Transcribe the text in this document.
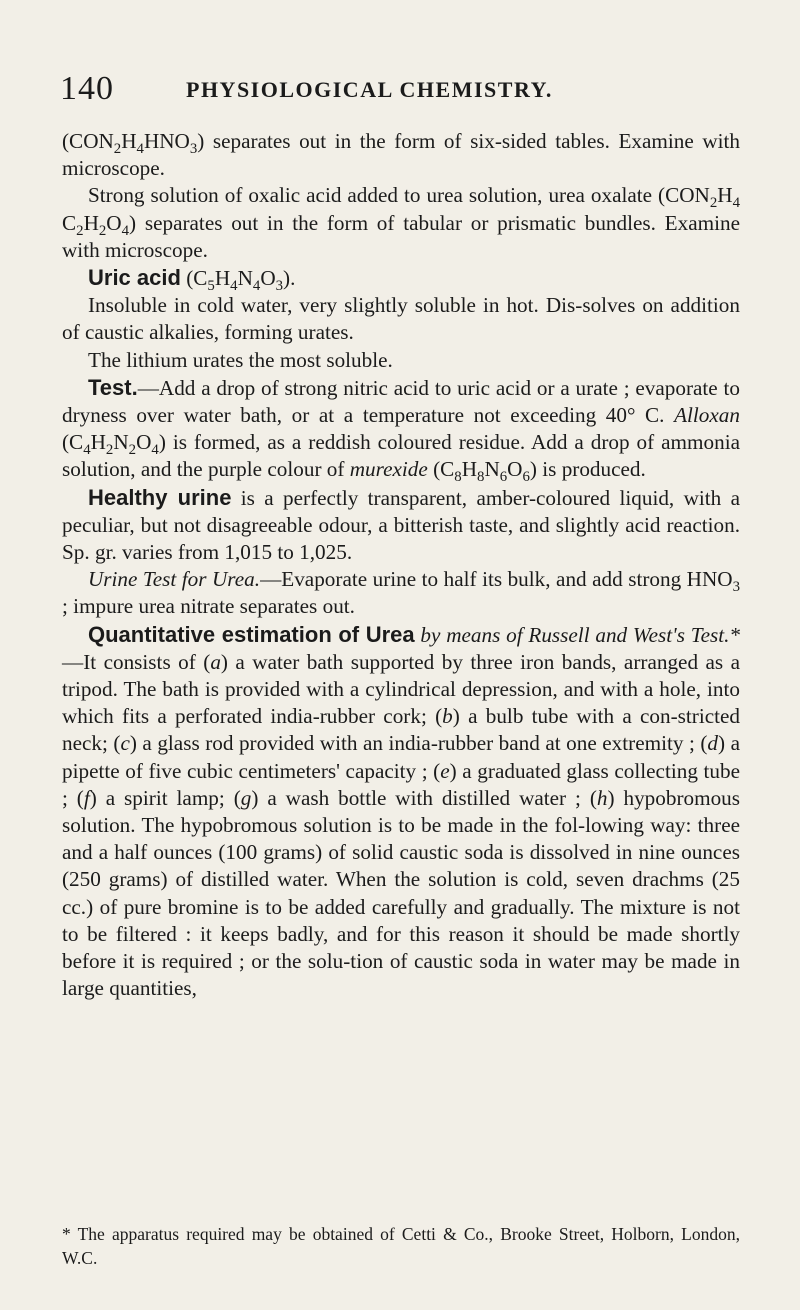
140	PHYSIOLOGICAL CHEMISTRY.

$(CON_2H_4HNO_3)$ separates out in the form of six-sided tables. Examine with microscope.

Strong solution of oxalic acid added to urea solution, urea oxalate ($CON_2H_4$ $C_2H_2O_4$) separates out in the form of tabular or prismatic bundles. Examine with microscope.

Uric acid $(C_5H_4N_4O_3)$.

Insoluble in cold water, very slightly soluble in hot. Dis-solves on addition of caustic alkalies, forming urates.

The lithium urates the most soluble.

Test.—Add a drop of strong nitric acid to uric acid or a urate ; evaporate to dryness over water bath, or at a temperature not exceeding 40° C. Alloxan $(C_4H_2N_2O_4)$ is formed, as a reddish coloured residue. Add a drop of ammonia solution, and the purple colour of murexide $(C_8H_8N_6O_6)$ is produced.

Healthy urine is a perfectly transparent, amber-coloured liquid, with a peculiar, but not disagreeable odour, a bitterish taste, and slightly acid reaction. Sp. gr. varies from 1,015 to 1,025.

Urine Test for Urea.—Evaporate urine to half its bulk, and add strong $HNO_3$ ; impure urea nitrate separates out.

Quantitative estimation of Urea by means of Russell and West's Test.*—It consists of (a) a water bath supported by three iron bands, arranged as a tripod. The bath is provided with a cylindrical depression, and with a hole, into which fits a perforated india-rubber cork; (b) a bulb tube with a con-stricted neck; (c) a glass rod provided with an india-rubber band at one extremity ; (d) a pipette of five cubic centimeters' capacity ; (e) a graduated glass collecting tube ; (f) a spirit lamp; (g) a wash bottle with distilled water ; (h) hypobromous solution. The hypobromous solution is to be made in the fol-lowing way: three and a half ounces (100 grams) of solid caustic soda is dissolved in nine ounces (250 grams) of distilled water. When the solution is cold, seven drachms (25 cc.) of pure bromine is to be added carefully and gradually. The mixture is not to be filtered : it keeps badly, and for this reason it should be made shortly before it is required ; or the solu-tion of caustic soda in water may be made in large quantities,

* The apparatus required may be obtained of Cetti & Co., Brooke Street, Holborn, London, W.C.
